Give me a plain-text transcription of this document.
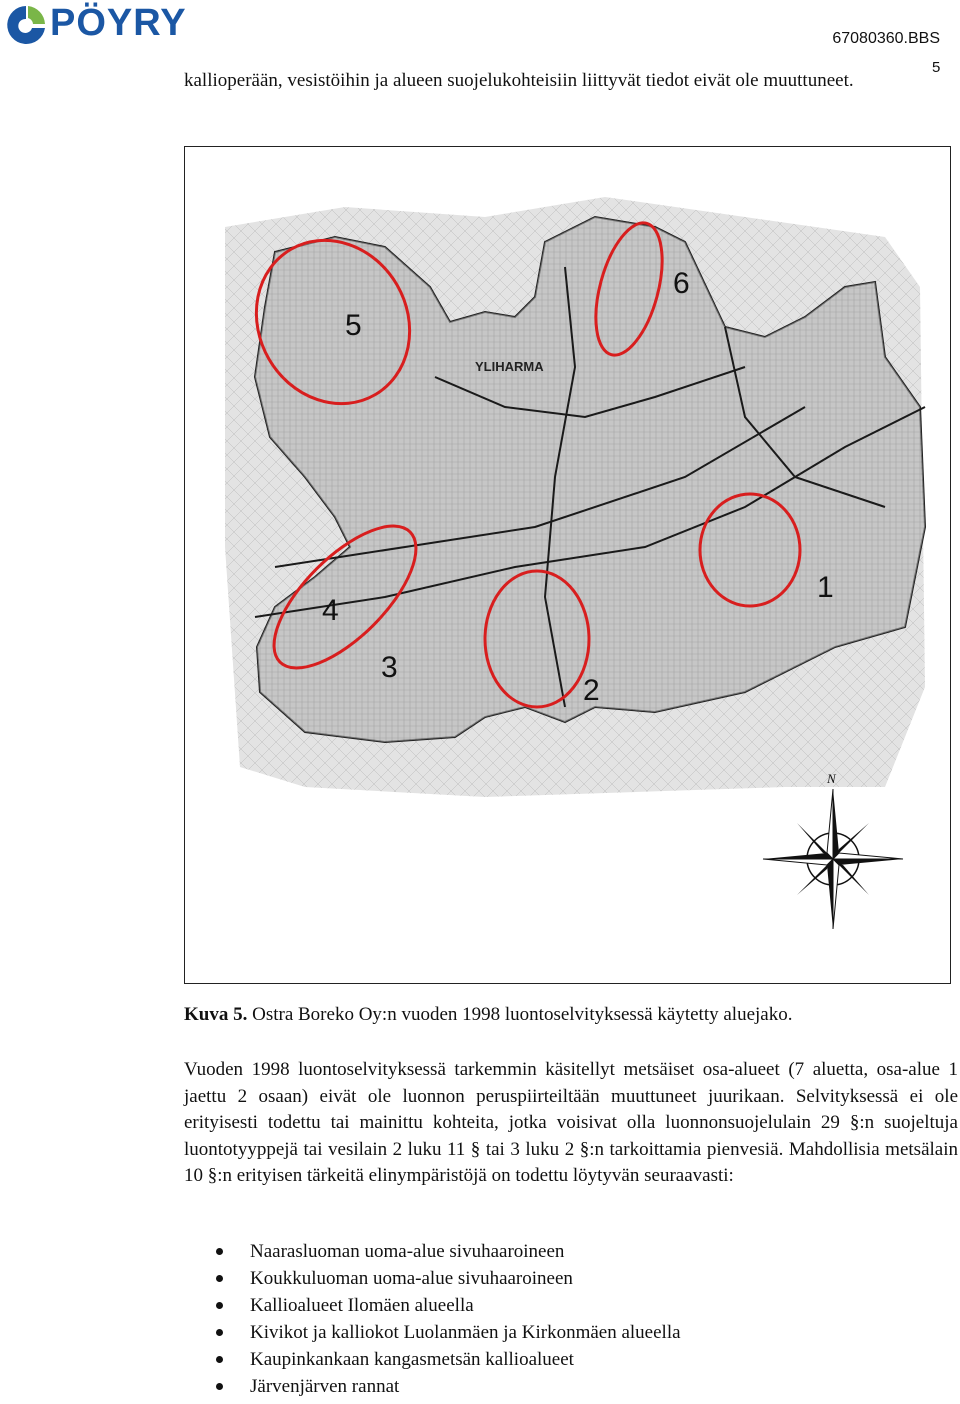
PÖYRY	67080360.BBS
5

kallioperään, vesistöihin ja alueen suojelukohteisiin liittyvät tiedot eivät ole muuttuneet.

YLIHARMA
5
6
1
4
3
2
N

Kuva 5. Ostra Boreko Oy:n vuoden 1998 luontoselvityksessä käytetty aluejako.

Vuoden 1998 luontoselvityksessä tarkemmin käsitellyt metsäiset osa-alueet (7 aluetta, osa-alue 1 jaettu 2 osaan) eivät ole luonnon peruspiirteiltään muuttuneet juurikaan. Selvityksessä ei ole erityisesti todettu tai mainittu kohteita, jotka voisivat olla luonnonsuojelulain 29 §:n suojeltuja luontotyyppejä tai vesilain 2 luku 11 § tai 3 luku 2 §:n tarkoittamia pienvesiä. Mahdollisia metsälain 10 §:n erityisen tärkeitä elinympäristöjä on todettu löytyvän seuraavasti:

Naarasluoman uoma-alue sivuhaaroineen
Koukkuluoman uoma-alue sivuhaaroineen
Kallioalueet Ilomäen alueella
Kivikot ja kalliokot Luolanmäen ja Kirkonmäen alueella
Kaupinkankaan kangasmetsän kallioalueet
Järvenjärven rannat
